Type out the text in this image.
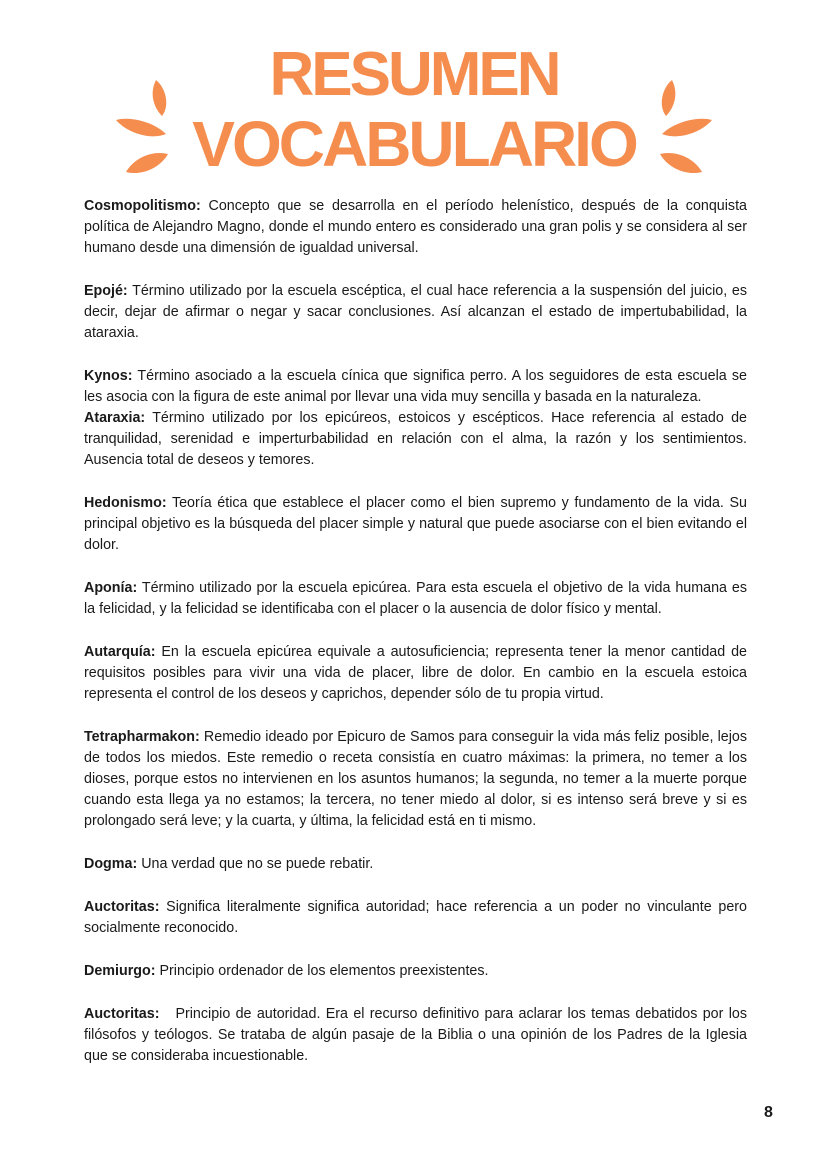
RESUMEN
VOCABULARIO

Cosmopolitismo: Concepto que se desarrolla en el período helenístico, después de la conquista política de Alejandro Magno, donde el mundo entero es considerado una gran polis y se considera al ser humano desde una dimensión de igualdad universal.

Epojé: Término utilizado por la escuela escéptica, el cual hace referencia a la suspensión del juicio, es decir, dejar de afirmar o negar y sacar conclusiones. Así alcanzan el estado de impertubabilidad, la ataraxia.

Kynos: Término asociado a la escuela cínica que significa perro. A los seguidores de esta escuela se les asocia con la figura de este animal por llevar una vida muy sencilla y basada en la naturaleza.

Ataraxia: Término utilizado por los epicúreos, estoicos y escépticos. Hace referencia al estado de tranquilidad, serenidad e imperturbabilidad en relación con el alma, la razón y los sentimientos. Ausencia total de deseos y temores.

Hedonismo: Teoría ética que establece el placer como el bien supremo y fundamento de la vida. Su principal objetivo es la búsqueda del placer simple y natural que puede asociarse con el bien evitando el dolor.

Aponía: Término utilizado por la escuela epicúrea. Para esta escuela el objetivo de la vida humana es la felicidad, y la felicidad se identificaba con el placer o la ausencia de dolor físico y mental.

Autarquía: En la escuela epicúrea equivale a autosuficiencia; representa tener la menor cantidad de requisitos posibles para vivir una vida de placer, libre de dolor. En cambio en la escuela estoica representa el control de los deseos y caprichos, depender sólo de tu propia virtud.

Tetrapharmakon: Remedio ideado por Epicuro de Samos para conseguir la vida más feliz posible, lejos de todos los miedos. Este remedio o receta consistía en cuatro máximas: la primera, no temer a los dioses, porque estos no intervienen en los asuntos humanos; la segunda, no temer a la muerte porque cuando esta llega ya no estamos; la tercera, no tener miedo al dolor, si es intenso será breve y si es prolongado será leve; y la cuarta, y última, la felicidad está en ti mismo.

Dogma: Una verdad que no se puede rebatir.

Auctoritas: Significa literalmente significa autoridad; hace referencia a un poder no vinculante pero socialmente reconocido.

Demiurgo: Principio ordenador de los elementos preexistentes.

Auctoritas:   Principio de autoridad. Era el recurso definitivo para aclarar los temas debatidos por los filósofos y teólogos. Se trataba de algún pasaje de la Biblia o una opinión de los Padres de la Iglesia que se consideraba incuestionable.

8
